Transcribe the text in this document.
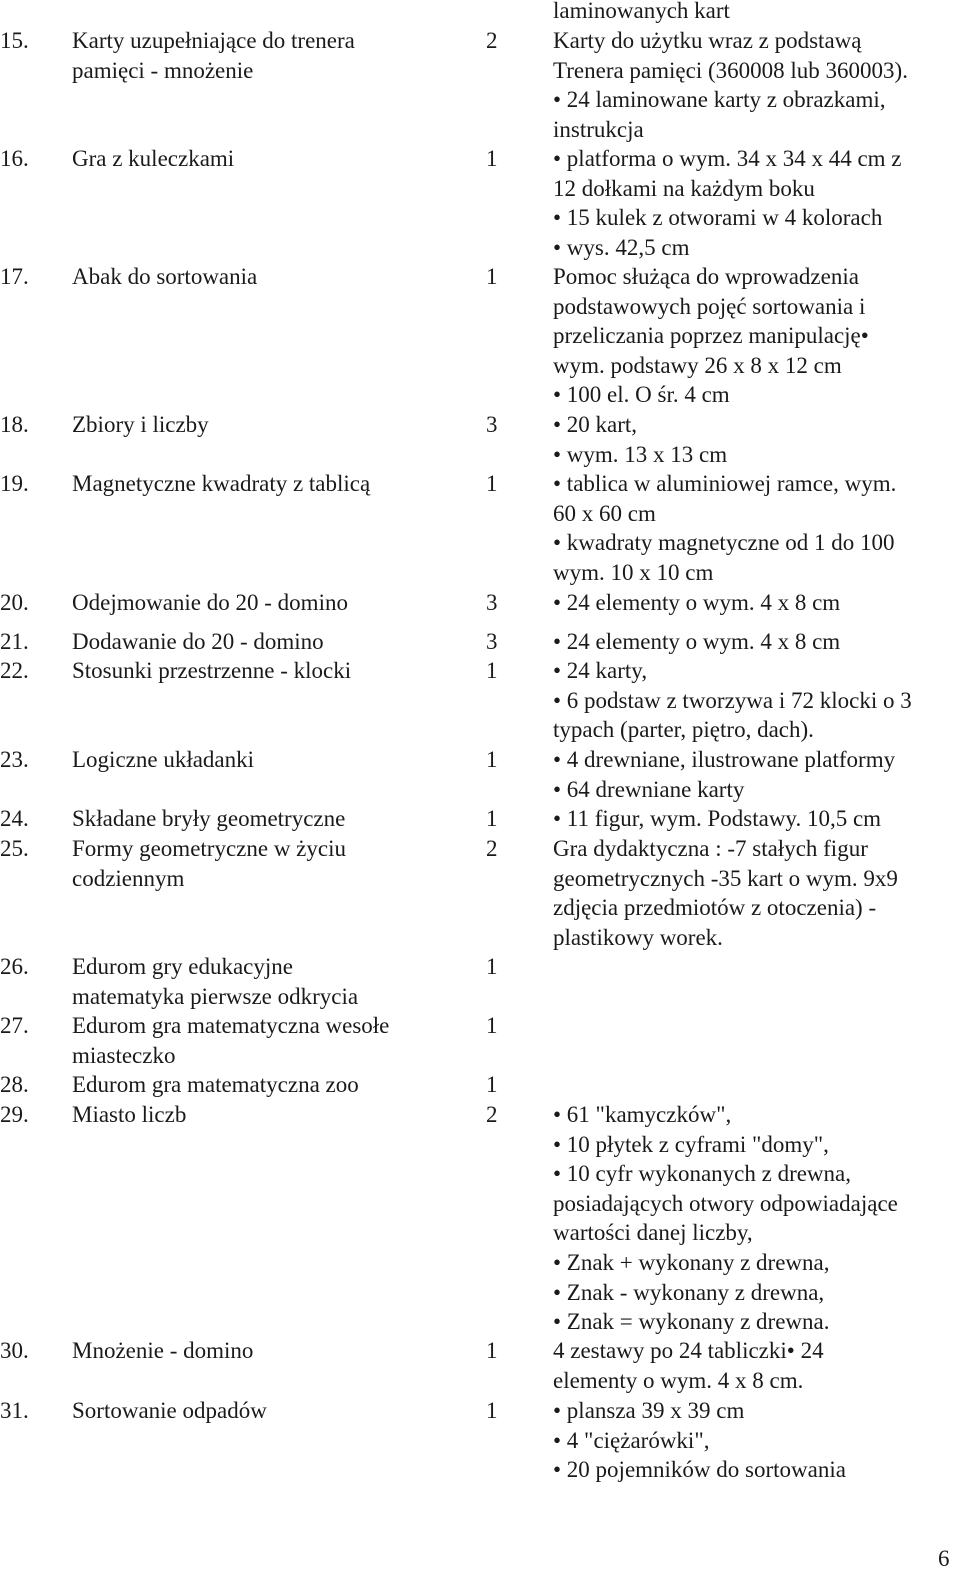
laminowanych kart
15.	Karty uzupełniające do trenera
pamięci - mnożenie
2	Karty do użytku wraz z podstawą
Trenera pamięci (360008 lub 360003).
• 24 laminowane karty z obrazkami,
instrukcja
16.	Gra z kuleczkami	1	• platforma o wym. 34 x 34 x 44 cm z
12 dołkami na każdym boku
• 15 kulek z otworami w 4 kolorach
• wys. 42,5 cm
17.	Abak do sortowania	1	Pomoc służąca do wprowadzenia
podstawowych pojęć sortowania i
przeliczania poprzez manipulację•
wym. podstawy 26 x 8 x 12 cm
• 100 el. O śr. 4 cm
18.	Zbiory i liczby	3	• 20 kart,
• wym. 13 x 13 cm
19.	Magnetyczne kwadraty z tablicą	1	• tablica w aluminiowej ramce, wym.
60 x 60 cm
• kwadraty magnetyczne od 1 do 100
wym. 10 x 10 cm
20.	Odejmowanie do 20 - domino	3	• 24 elementy o wym. 4 x 8 cm
21.	Dodawanie do 20 - domino	3	• 24 elementy o wym. 4 x 8 cm
22.	Stosunki przestrzenne - klocki	1	• 24 karty,
• 6 podstaw z tworzywa i 72 klocki o 3
typach (parter, piętro, dach).
23.	Logiczne układanki	1	• 4 drewniane, ilustrowane platformy
• 64 drewniane karty
24.	Składane bryły geometryczne	1	• 11 figur, wym. Podstawy. 10,5 cm
25.	Formy geometryczne w życiu
codziennym
2	Gra dydaktyczna : -7 stałych figur
geometrycznych -35 kart o wym. 9x9
zdjęcia przedmiotów z otoczenia) -
plastikowy worek.
26.	Edurom gry edukacyjne
matematyka pierwsze odkrycia
1
27.	Edurom gra matematyczna wesołe
miasteczko
1
28.	Edurom gra matematyczna zoo	1
29.	Miasto liczb	2	• 61 "kamyczków",
• 10 płytek z cyframi "domy",
• 10 cyfr wykonanych z drewna,
posiadających otwory odpowiadające
wartości danej liczby,
• Znak + wykonany z drewna,
• Znak - wykonany z drewna,
• Znak = wykonany z drewna.
30.	Mnożenie - domino	1	4 zestawy po 24 tabliczki• 24
elementy o wym. 4 x 8 cm.
31.	Sortowanie odpadów	1	• plansza 39 x 39 cm
• 4 "ciężarówki",
• 20 pojemników do sortowania
6
